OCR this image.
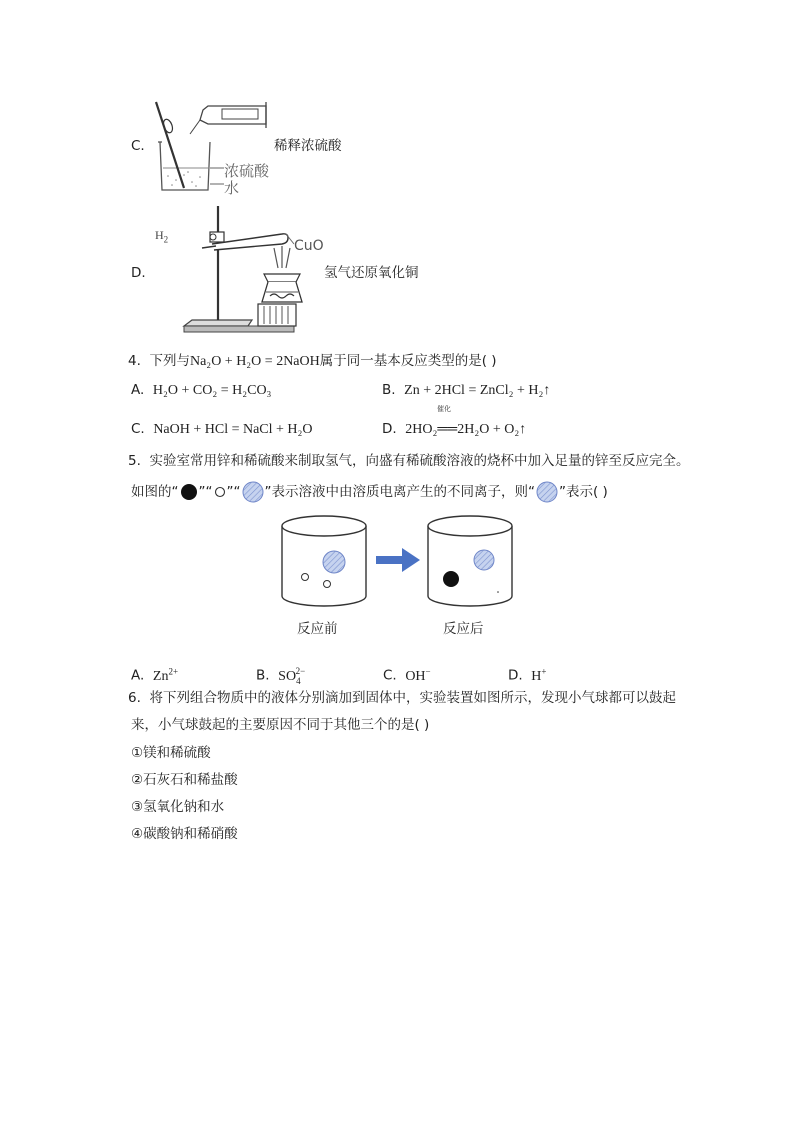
C.
浓硫酸
水
稀释浓硫酸
D.
$H_2$	CuO
氢气还原氧化铜
4. 下列与Na₂O + H₂O = 2NaOH属于同一基本反应类型的是( )
A. H₂O + CO₂ = H₂CO₃	B. Zn + 2HCl = ZnCl₂ + H₂↑
C. NaOH + HCl = NaCl + H₂O
催化
D. 2HO₂══2H₂O + O₂↑
5. 实验室常用锌和稀硫酸来制取氢气，向盛有稀硫酸溶液的烧杯中加入足量的锌至反应完全。
如图的“ ”“ ”“ ”表示溶液中由溶质电离产生的不同离子，则“ ”表示( )
反应前	反应后
A. $Zn^{2+}$	B. $SO_4^{2-}$	C. OH−	D. H+
6. 将下列组合物质中的液体分别滴加到固体中，实验装置如图所示，发现小气球都可以鼓起
来，小气球鼓起的主要原因不同于其他三个的是( )
①镁和稀硫酸
②石灰石和稀盐酸
③氢氧化钠和水
④碳酸钠和稀硝酸
